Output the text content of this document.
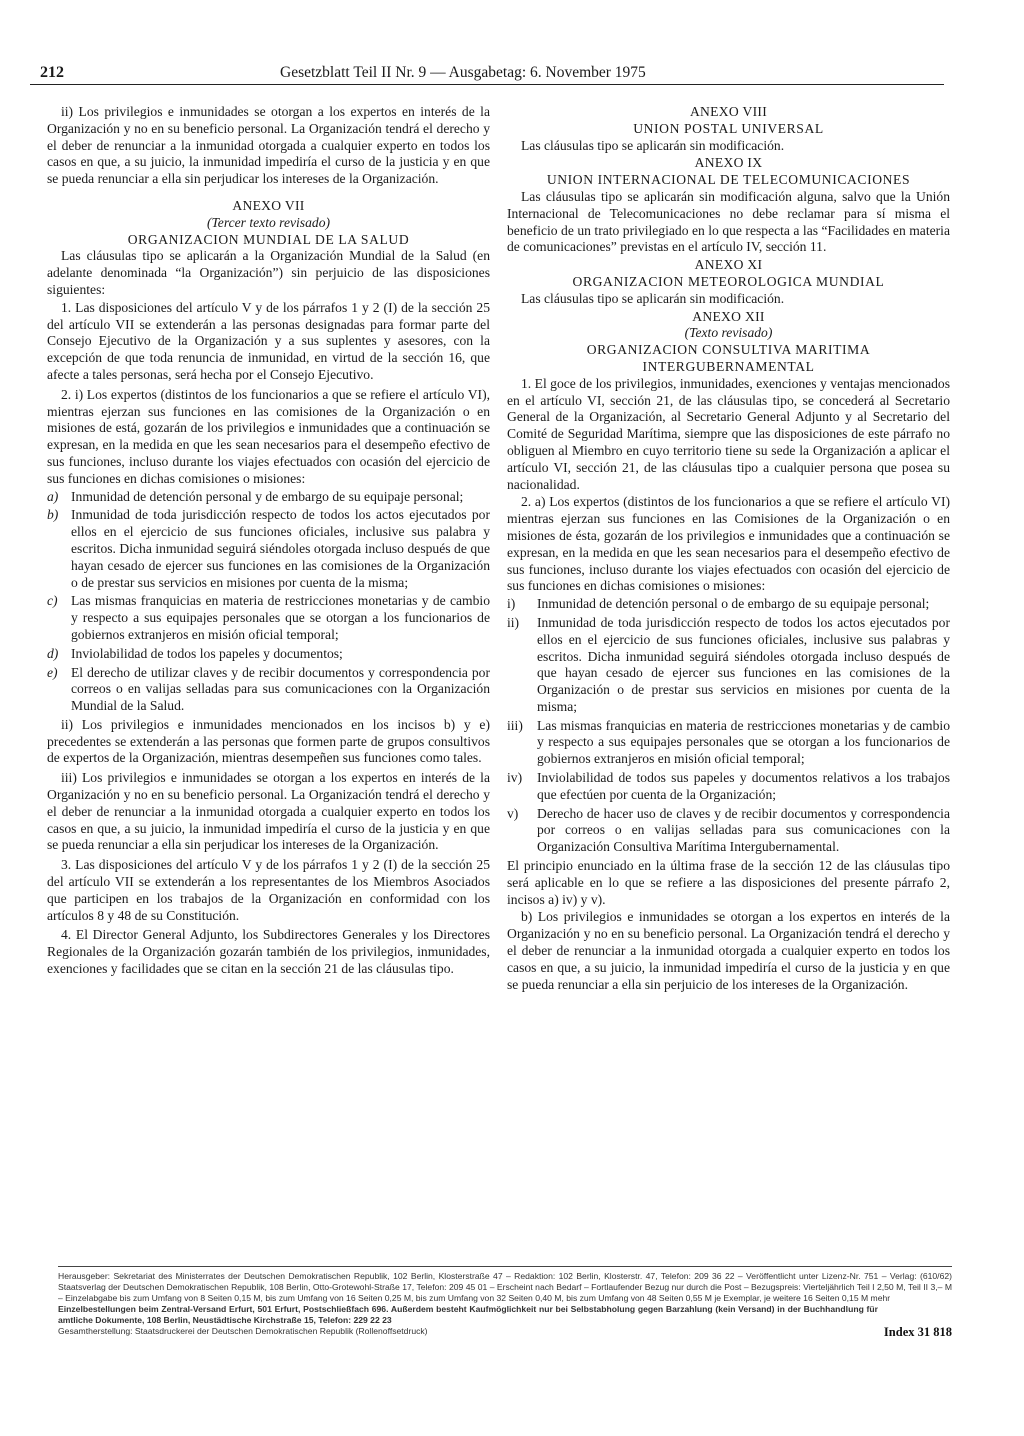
212	Gesetzblatt Teil II Nr. 9 — Ausgabetag: 6. November 1975

ii) Los privilegios e inmunidades se otorgan a los expertos en interés de la Organización y no en su beneficio personal. La Organización tendrá el derecho y el deber de renunciar a la inmunidad otorgada a cualquier experto en todos los casos en que, a su juicio, la inmunidad impediría el curso de la justicia y en que se pueda renunciar a ella sin perjudicar los intereses de la Organización.

ANEXO VII

(Tercer texto revisado)

ORGANIZACION MUNDIAL DE LA SALUD

Las cláusulas tipo se aplicarán a la Organización Mundial de la Salud (en adelante denominada “la Organización”) sin perjuicio de las disposiciones siguientes:

1. Las disposiciones del artículo V y de los párrafos 1 y 2 (I) de la sección 25 del artículo VII se extenderán a las personas designadas para formar parte del Consejo Ejecutivo de la Organización y a sus suplentes y asesores, con la excepción de que toda renuncia de inmunidad, en virtud de la sección 16, que afecte a tales personas, será hecha por el Consejo Ejecutivo.

2. i) Los expertos (distintos de los funcionarios a que se refiere el artículo VI), mientras ejerzan sus funciones en las comisiones de la Organización o en misiones de está, gozarán de los privilegios e inmunidades que a continuación se expresan, en la medida en que les sean necesarios para el desempeño efectivo de sus funciones, incluso durante los viajes efectuados con ocasión del ejercicio de sus funciones en dichas comisiones o misiones:

a) Inmunidad de detención personal y de embargo de su equipaje personal;
b) Inmunidad de toda jurisdicción respecto de todos los actos ejecutados por ellos en el ejercicio de sus funciones oficiales, inclusive sus palabra y escritos. Dicha inmunidad seguirá siéndoles otorgada incluso después de que hayan cesado de ejercer sus funciones en las comisiones de la Organización o de prestar sus servicios en misiones por cuenta de la misma;
c) Las mismas franquicias en materia de restricciones monetarias y de cambio y respecto a sus equipajes personales que se otorgan a los funcionarios de gobiernos extranjeros en misión oficial temporal;
d) Inviolabilidad de todos los papeles y documentos;
e) El derecho de utilizar claves y de recibir documentos y correspondencia por correos o en valijas selladas para sus comunicaciones con la Organización Mundial de la Salud.

ii) Los privilegios e inmunidades mencionados en los incisos b) y e) precedentes se extenderán a las personas que formen parte de grupos consultivos de expertos de la Organización, mientras desempeñen sus funciones como tales.

iii) Los privilegios e inmunidades se otorgan a los expertos en interés de la Organización y no en su beneficio personal. La Organización tendrá el derecho y el deber de renunciar a la inmunidad otorgada a cualquier experto en todos los casos en que, a su juicio, la inmunidad impediría el curso de la justicia y en que se pueda renunciar a ella sin perjudicar los intereses de la Organización.

3. Las disposiciones del artículo V y de los párrafos 1 y 2 (I) de la sección 25 del artículo VII se extenderán a los representantes de los Miembros Asociados que participen en los trabajos de la Organización en conformidad con los artículos 8 y 48 de su Constitución.

4. El Director General Adjunto, los Subdirectores Generales y los Directores Regionales de la Organización gozarán también de los privilegios, inmunidades, exenciones y facilidades que se citan en la sección 21 de las cláusulas tipo.

ANEXO VIII

UNION POSTAL UNIVERSAL

Las cláusulas tipo se aplicarán sin modificación.

ANEXO IX

UNION INTERNACIONAL DE TELECOMUNICACIONES

Las cláusulas tipo se aplicarán sin modificación alguna, salvo que la Unión Internacional de Telecomunicaciones no debe reclamar para sí misma el beneficio de un trato privilegiado en lo que respecta a las “Facilidades en materia de comunicaciones” previstas en el artículo IV, sección 11.

ANEXO XI

ORGANIZACION METEOROLOGICA MUNDIAL

Las cláusulas tipo se aplicarán sin modificación.

ANEXO XII

(Texto revisado)

ORGANIZACION CONSULTIVA MARITIMA

INTERGUBERNAMENTAL

1. El goce de los privilegios, inmunidades, exenciones y ventajas mencionados en el artículo VI, sección 21, de las cláusulas tipo, se concederá al Secretario General de la Organización, al Secretario General Adjunto y al Secretario del Comité de Seguridad Marítima, siempre que las disposiciones de este párrafo no obliguen al Miembro en cuyo territorio tiene su sede la Organización a aplicar el artículo VI, sección 21, de las cláusulas tipo a cualquier persona que posea su nacionalidad.

2. a) Los expertos (distintos de los funcionarios a que se refiere el artículo VI) mientras ejerzan sus funciones en las Comisiones de la Organización o en misiones de ésta, gozarán de los privilegios e inmunidades que a continuación se expresan, en la medida en que les sean necesarios para el desempeño efectivo de sus funciones, incluso durante los viajes efectuados con ocasión del ejercicio de sus funciones en dichas comisiones o misiones:

i) Inmunidad de detención personal o de embargo de su equipaje personal;
ii) Inmunidad de toda jurisdicción respecto de todos los actos ejecutados por ellos en el ejercicio de sus funciones oficiales, inclusive sus palabras y escritos. Dicha inmunidad seguirá siéndoles otorgada incluso después de que hayan cesado de ejercer sus funciones en las comisiones de la Organización o de prestar sus servicios en misiones por cuenta de la misma;
iii) Las mismas franquicias en materia de restricciones monetarias y de cambio y respecto a sus equipajes personales que se otorgan a los funcionarios de gobiernos extranjeros en misión oficial temporal;
iv) Inviolabilidad de todos sus papeles y documentos relativos a los trabajos que efectúen por cuenta de la Organización;
v) Derecho de hacer uso de claves y de recibir documentos y correspondencia por correos o en valijas selladas para sus comunicaciones con la Organización Consultiva Marítima Intergubernamental.

El principio enunciado en la última frase de la sección 12 de las cláusulas tipo será aplicable en lo que se refiere a las disposiciones del presente párrafo 2, incisos a) iv) y v).

b) Los privilegios e inmunidades se otorgan a los expertos en interés de la Organización y no en su beneficio personal. La Organización tendrá el derecho y el deber de renunciar a la inmunidad otorgada a cualquier experto en todos los casos en que, a su juicio, la inmunidad impediría el curso de la justicia y en que se pueda renunciar a ella sin perjuicio de los intereses de la Organización.

Herausgeber: Sekretariat des Ministerrates der Deutschen Demokratischen Republik, 102 Berlin, Klosterstraße 47 – Redaktion: 102 Berlin, Klosterstr. 47, Telefon: 209 36 22 – Veröffentlicht unter Lizenz-Nr. 751 – Verlag: (610/62) Staatsverlag der Deutschen Demokratischen Republik, 108 Berlin, Otto-Grotewohl-Straße 17, Telefon: 209 45 01 – Erscheint nach Bedarf – Fortlaufender Bezug nur durch die Post – Bezugspreis: Vierteljährlich Teil I 2,50 M, Teil II 3,– M – Einzelabgabe bis zum Umfang von 8 Seiten 0,15 M, bis zum Umfang von 16 Seiten 0,25 M, bis zum Umfang von 32 Seiten 0,40 M, bis zum Umfang von 48 Seiten 0,55 M je Exemplar, je weitere 16 Seiten 0,15 M mehr

Einzelbestellungen beim Zentral-Versand Erfurt, 501 Erfurt, Postschließfach 696. Außerdem besteht Kaufmöglichkeit nur bei Selbstabholung gegen Barzahlung (kein Versand) in der Buchhandlung für amtliche Dokumente, 108 Berlin, Neustädtische Kirchstraße 15, Telefon: 229 22 23

Gesamtherstellung: Staatsdruckerei der Deutschen Demokratischen Republik (Rollenoffsetdruck)	Index 31 818
